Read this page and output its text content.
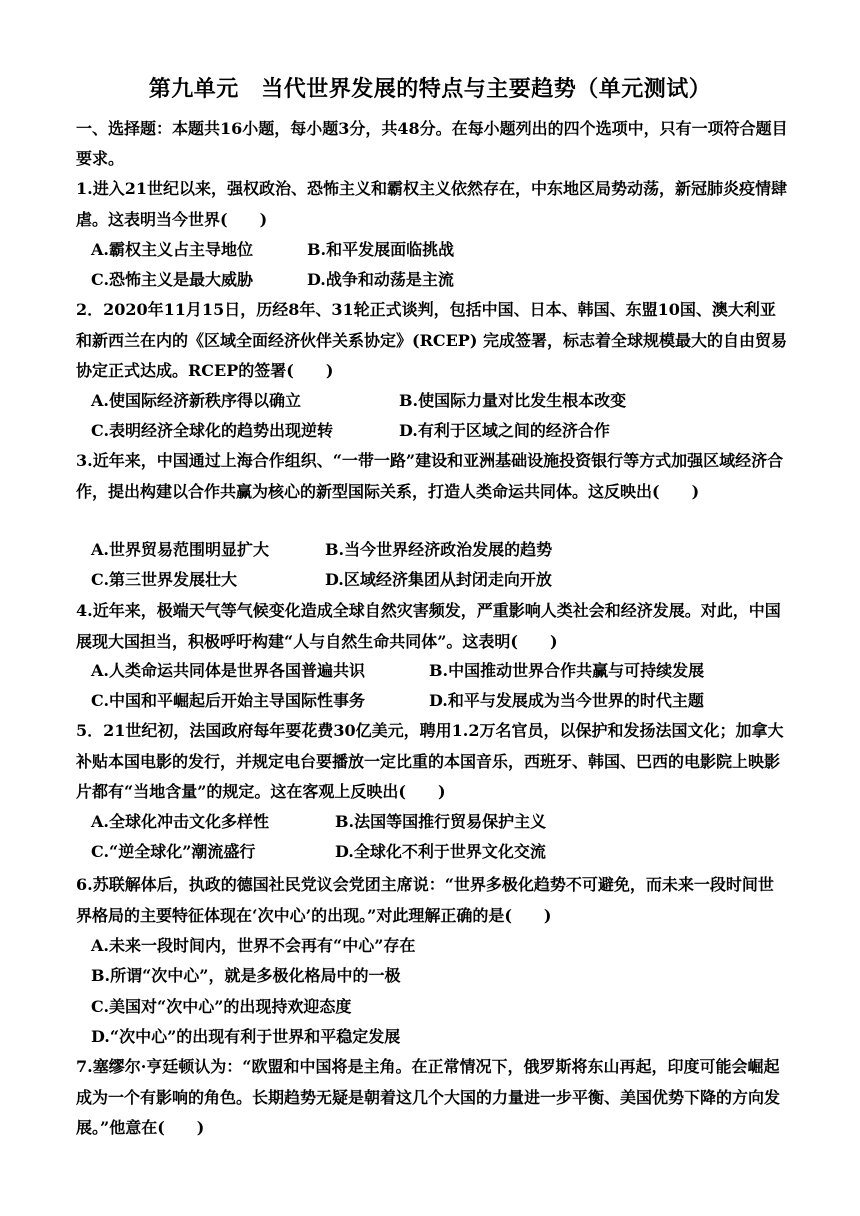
第九单元　当代世界发展的特点与主要趋势（单元测试）
一、选择题：本题共16小题，每小题3分，共48分。在每小题列出的四个选项中，只有一项符合题目要求。
1.进入21世纪以来，强权政治、恐怖主义和霸权主义依然存在，中东地区局势动荡，新冠肺炎疫情肆虐。这表明当今世界(　　)
A.霸权主义占主导地位	B.和平发展面临挑战
C.恐怖主义是最大威胁	D.战争和动荡是主流
2．2020年11月15日，历经8年、31轮正式谈判，包括中国、日本、韩国、东盟10国、澳大利亚和新西兰在内的《区域全面经济伙伴关系协定》(RCEP) 完成签署，标志着全球规模最大的自由贸易协定正式达成。RCEP的签署(　　)
A.使国际经济新秩序得以确立	B.使国际力量对比发生根本改变
C.表明经济全球化的趋势出现逆转	D.有利于区域之间的经济合作
3.近年来，中国通过上海合作组织、“一带一路”建设和亚洲基础设施投资银行等方式加强区域经济合作，提出构建以合作共赢为核心的新型国际关系，打造人类命运共同体。这反映出(　　)
A.世界贸易范围明显扩大	B.当今世界经济政治发展的趋势
C.第三世界发展壮大	D.区域经济集团从封闭走向开放
4.近年来，极端天气等气候变化造成全球自然灾害频发，严重影响人类社会和经济发展。对此，中国展现大国担当，积极呼吁构建“人与自然生命共同体”。这表明(　　)
A.人类命运共同体是世界各国普遍共识	B.中国推动世界合作共赢与可持续发展
C.中国和平崛起后开始主导国际性事务	D.和平与发展成为当今世界的时代主题
5．21世纪初，法国政府每年要花费30亿美元，聘用1.2万名官员，以保护和发扬法国文化；加拿大补贴本国电影的发行，并规定电台要播放一定比重的本国音乐，西班牙、韩国、巴西的电影院上映影片都有“当地含量”的规定。这在客观上反映出(　　)
A.全球化冲击文化多样性	B.法国等国推行贸易保护主义
C.“逆全球化”潮流盛行	D.全球化不利于世界文化交流
6.苏联解体后，执政的德国社民党议会党团主席说：“世界多极化趋势不可避免，而未来一段时间世界格局的主要特征体现在‘次中心’的出现。”对此理解正确的是(　　)
A.未来一段时间内，世界不会再有“中心”存在
B.所谓“次中心”，就是多极化格局中的一极
C.美国对“次中心”的出现持欢迎态度
D.“次中心”的出现有利于世界和平稳定发展
7.塞缪尔·亨廷顿认为：“欧盟和中国将是主角。在正常情况下，俄罗斯将东山再起，印度可能会崛起成为一个有影响的角色。长期趋势无疑是朝着这几个大国的力量进一步平衡、美国优势下降的方向发展。”他意在(　　)
